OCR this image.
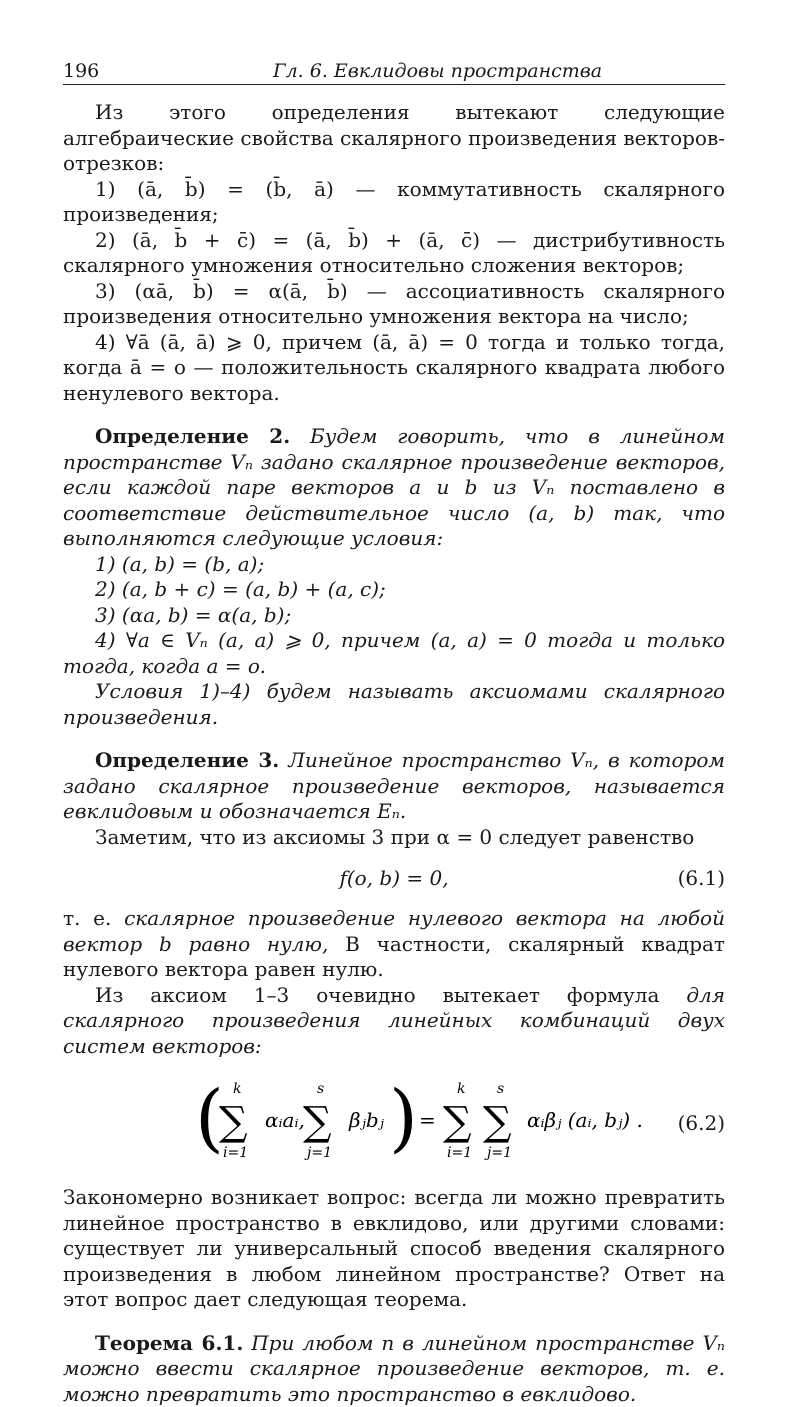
196	Гл. 6. Евклидовы пространства

Из этого определения вытекают следующие алгебраические свойства скалярного произведения векторов-отрезков:

1) (ā, b̄) = (b̄, ā) — коммутативность скалярного произведения;

2) (ā, b̄ + c̄) = (ā, b̄) + (ā, c̄) — дистрибутивность скалярного умножения относительно сложения векторов;

3) (αā, b̄) = α(ā, b̄) — ассоциативность скалярного произведения относительно умножения вектора на число;

4) ∀ā (ā, ā) ⩾ 0, причем (ā, ā) = 0 тогда и только тогда, когда ā = o — положительность скалярного квадрата любого ненулевого вектора.

Определение 2. Будем говорить, что в линейном пространстве Vₙ задано скалярное произведение векторов, если каждой паре векторов a и b из Vₙ поставлено в соответствие действительное число (a, b) так, что выполняются следующие условия:

1) (a, b) = (b, a);

2) (a, b + c) = (a, b) + (a, c);

3) (αa, b) = α(a, b);

4) ∀a ∈ Vₙ (a, a) ⩾ 0, причем (a, a) = 0 тогда и только тогда, когда a = o.

Условия 1)–4) будем называть аксиомами скалярного произведения.

Определение 3. Линейное пространство Vₙ, в котором задано скалярное произведение векторов, называется евклидовым и обозначается Eₙ.

Заметим, что из аксиомы 3 при α = 0 следует равенство

f(o, b) = 0,	(6.1)

т. е. скалярное произведение нулевого вектора на любой вектор b равно нулю, В частности, скалярный квадрат нулевого вектора равен нулю.

Из аксиом 1–3 очевидно вытекает формула для скалярного произведения линейных комбинаций двух систем векторов:

( k
∑
i=1
αᵢaᵢ,
s
∑
j=1
βⱼbⱼ ) =
k
∑
i=1
s
∑
j=1
αᵢβⱼ (aᵢ, bⱼ) . (6.2)

Закономерно возникает вопрос: всегда ли можно превратить линейное пространство в евклидово, или другими словами: существует ли универсальный способ введения скалярного произведения в любом линейном пространстве? Ответ на этот вопрос дает следующая теорема.

Теорема 6.1. При любом n в линейном пространстве Vₙ можно ввести скалярное произведение векторов, т. е. можно превратить это пространство в евклидово.
